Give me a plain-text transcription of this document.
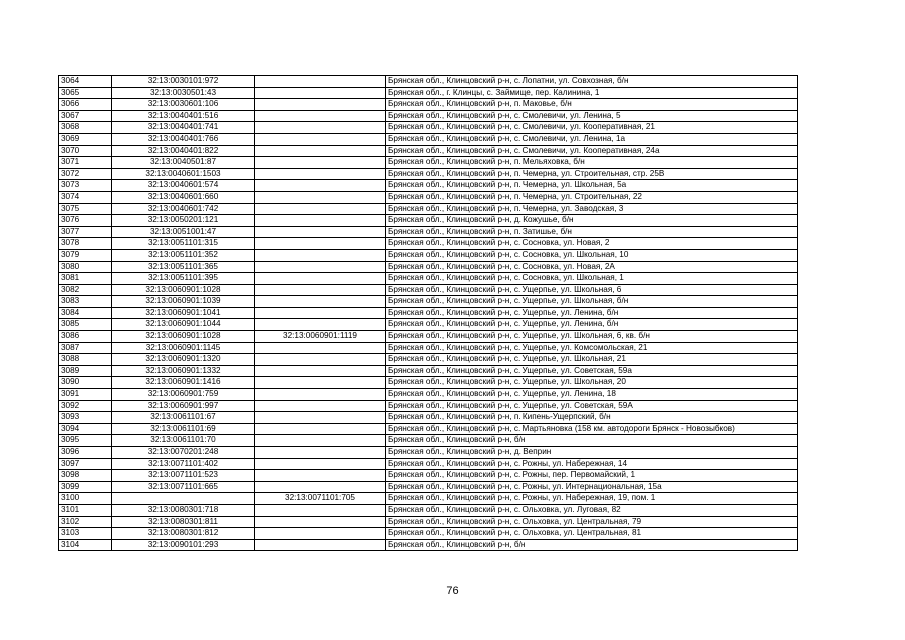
3064	32:13:0030101:972		Брянская обл., Клинцовский р-н, с. Лопатни, ул. Совхозная, б/н
3065	32:13:0030501:43		Брянская обл., г. Клинцы, с. Займище, пер. Калинина, 1
3066	32:13:0030601:106		Брянская обл., Клинцовский р-н, п. Маковье, б/н
3067	32:13:0040401:516		Брянская обл., Клинцовский р-н, с. Смолевичи, ул. Ленина, 5
3068	32:13:0040401:741		Брянская обл., Клинцовский р-н, с. Смолевичи, ул. Кооперативная, 21
3069	32:13:0040401:766		Брянская обл., Клинцовский р-н, с. Смолевичи, ул. Ленина, 1а
3070	32:13:0040401:822		Брянская обл., Клинцовский р-н, с. Смолевичи, ул. Кооперативная, 24а
3071	32:13:0040501:87		Брянская обл., Клинцовский р-н, п. Мельяховка, б/н
3072	32:13:0040601:1503		Брянская обл., Клинцовский р-н, п. Чемерна, ул. Строительная, стр. 25В
3073	32:13:0040601:574		Брянская обл., Клинцовский р-н, п. Чемерна, ул. Школьная, 5а
3074	32:13:0040601:660		Брянская обл., Клинцовский р-н, п. Чемерна, ул. Строительная, 22
3075	32:13:0040601:742		Брянская обл., Клинцовский р-н, п. Чемерна, ул. Заводская, 3
3076	32:13:0050201:121		Брянская обл., Клинцовский р-н, д. Кожушье, б/н
3077	32:13:0051001:47		Брянская обл., Клинцовский р-н, п. Затишье, б/н
3078	32:13:0051101:315		Брянская обл., Клинцовский р-н, с. Сосновка, ул. Новая, 2
3079	32:13:0051101:352		Брянская обл., Клинцовский р-н, с. Сосновка, ул. Школьная, 10
3080	32:13:0051101:365		Брянская обл., Клинцовский р-н, с. Сосновка, ул. Новая, 2А
3081	32:13:0051101:395		Брянская обл., Клинцовский р-н, с. Сосновка, ул. Школьная, 1
3082	32:13:0060901:1028		Брянская обл., Клинцовский р-н, с. Ущерпье, ул. Школьная, 6
3083	32:13:0060901:1039		Брянская обл., Клинцовский р-н, с. Ущерпье, ул. Школьная, б/н
3084	32:13:0060901:1041		Брянская обл., Клинцовский р-н, с. Ущерпье, ул. Ленина, б/н
3085	32:13:0060901:1044		Брянская обл., Клинцовский р-н, с. Ущерпье, ул. Ленина, б/н
3086	32:13:0060901:1028	32:13:0060901:1119	Брянская обл., Клинцовский р-н, с. Ущерпье, ул. Школьная, 6, кв. б/н
3087	32:13:0060901:1145		Брянская обл., Клинцовский р-н, с. Ущерпье, ул. Комсомольская, 21
3088	32:13:0060901:1320		Брянская обл., Клинцовский р-н, с. Ущерпье, ул. Школьная, 21
3089	32:13:0060901:1332		Брянская обл., Клинцовский р-н, с. Ущерпье, ул. Советская, 59а
3090	32:13:0060901:1416		Брянская обл., Клинцовский р-н, с. Ущерпье, ул. Школьная, 20
3091	32:13:0060901:759		Брянская обл., Клинцовский р-н, с. Ущерпье, ул. Ленина, 18
3092	32:13:0060901:997		Брянская обл., Клинцовский р-н, с. Ущерпье, ул. Советская, 59А
3093	32:13:0061101:67		Брянская обл., Клинцовский р-н, п. Кипень-Ущерпский, б/н
3094	32:13:0061101:69		Брянская обл., Клинцовский р-н, с. Мартьяновка (158 км. автодороги Брянск - Новозыбков)
3095	32:13:0061101:70		Брянская обл., Клинцовский р-н, б/н
3096	32:13:0070201:248		Брянская обл., Клинцовский р-н, д. Веприн
3097	32:13:0071101:402		Брянская обл., Клинцовский р-н, с. Рожны, ул. Набережная, 14
3098	32:13:0071101:523		Брянская обл., Клинцовский р-н, с. Рожны, пер. Первомайский, 1
3099	32:13:0071101:665		Брянская обл., Клинцовский р-н, с. Рожны, ул. Интернациональная, 15а
3100		32:13:0071101:705	Брянская обл., Клинцовский р-н, с. Рожны, ул. Набережная, 19, пом. 1
3101	32:13:0080301:718		Брянская обл., Клинцовский р-н, с. Ольховка, ул. Луговая, 82
3102	32:13:0080301:811		Брянская обл., Клинцовский р-н, с. Ольховка, ул. Центральная, 79
3103	32:13:0080301:812		Брянская обл., Клинцовский р-н, с. Ольховка, ул. Центральная, 81
3104	32:13:0090101:293		Брянская обл., Клинцовский р-н, б/н
76
